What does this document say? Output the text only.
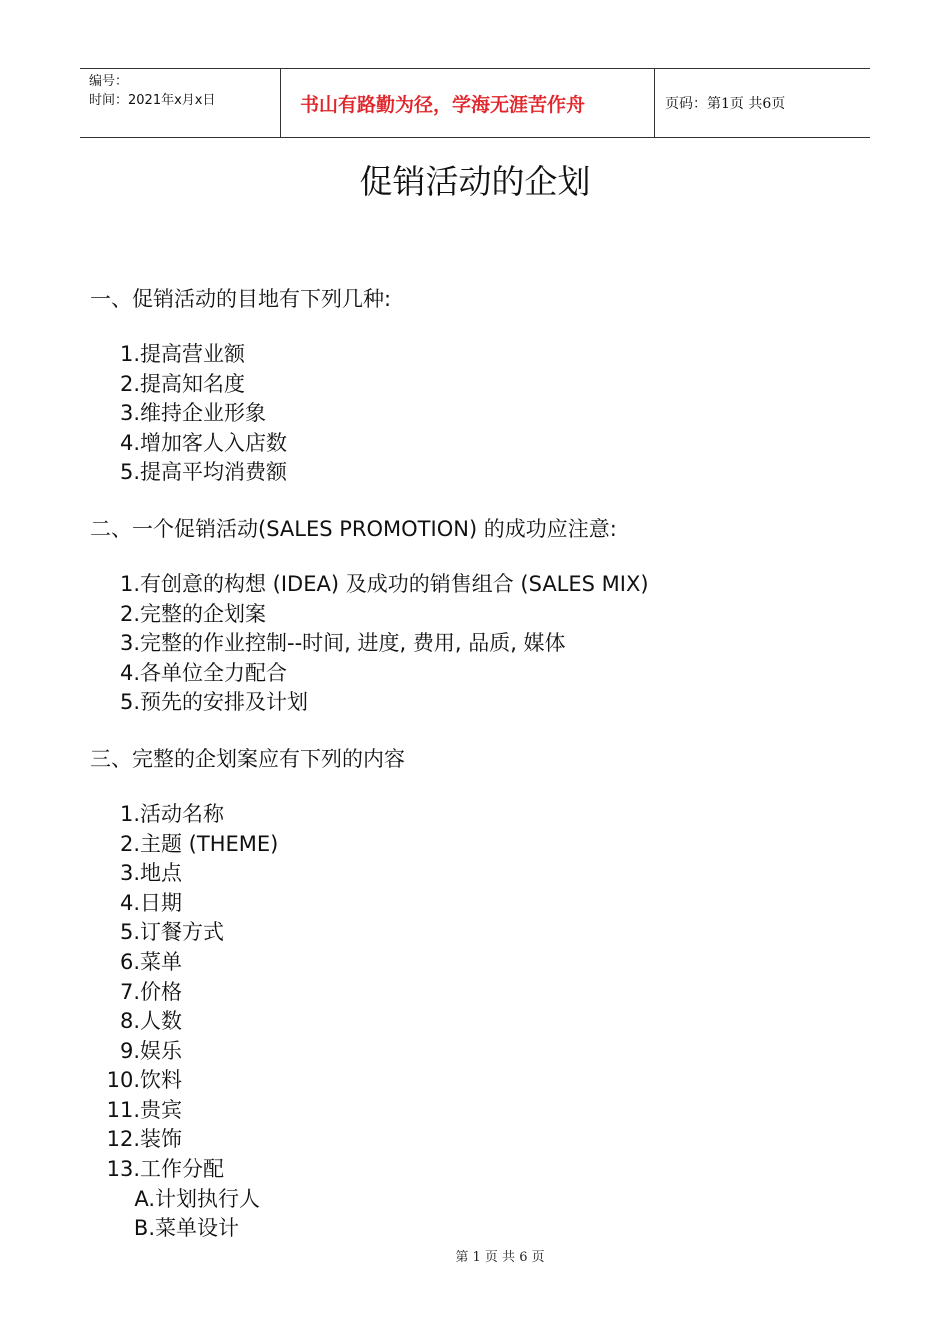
编号：
时间：2021年x月x日	书山有路勤为径，学海无涯苦作舟	页码：第1页 共6页
促销活动的企划
一、促销活动的目地有下列几种:
1.提高营业额
2.提高知名度
3.维持企业形象
4.增加客人入店数
5.提高平均消费额
二、一个促销活动(SALES PROMOTION) 的成功应注意:
1.有创意的构想 (IDEA) 及成功的销售组合 (SALES MIX)
2.完整的企划案
3.完整的作业控制--时间, 进度, 费用, 品质, 媒体
4.各单位全力配合
5.预先的安排及计划
三、完整的企划案应有下列的内容
1.活动名称
2.主题 (THEME)
3.地点
4.日期
5.订餐方式
6.菜单
7.价格
8.人数
9.娱乐
10.饮料
11.贵宾
12.装饰
13.工作分配
A.计划执行人
B.菜单设计
第 1 页 共 6 页
